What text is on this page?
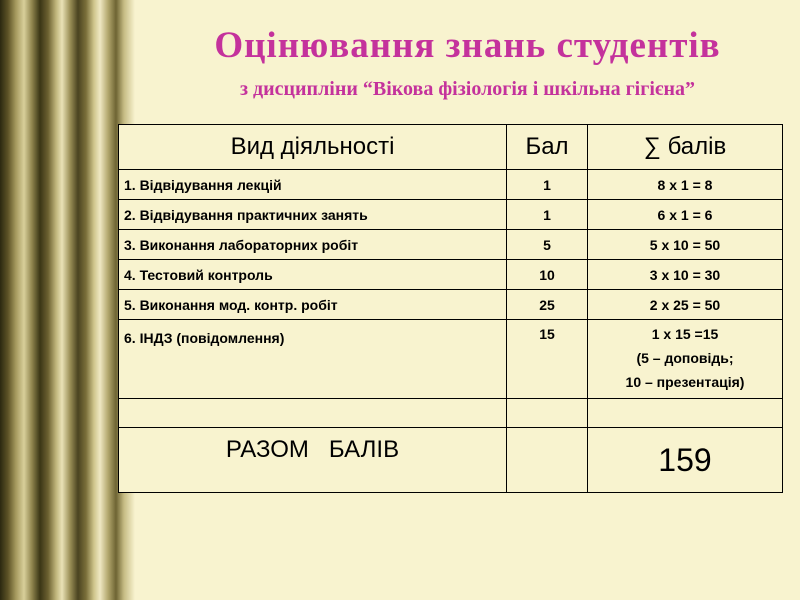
Оцінювання знань студентів
з дисципліни “Вікова фізіологія і шкільна гігієна”
Вид діяльності	Бал	∑ балів
1. Відвідування лекцій	1	8 x 1 = 8
2. Відвідування практичних занять	1	6 x 1 = 6
3. Виконання лабораторних робіт	5	5 x 10 = 50
4. Тестовий контроль	10	3 x 10 = 30
5. Виконання мод. контр. робіт	25	2 x 25 = 50
6. ІНДЗ (повідомлення)	15	1 x 15 =15
(5 – доповідь;
10 – презентація)

РАЗОМ   БАЛІВ		159
